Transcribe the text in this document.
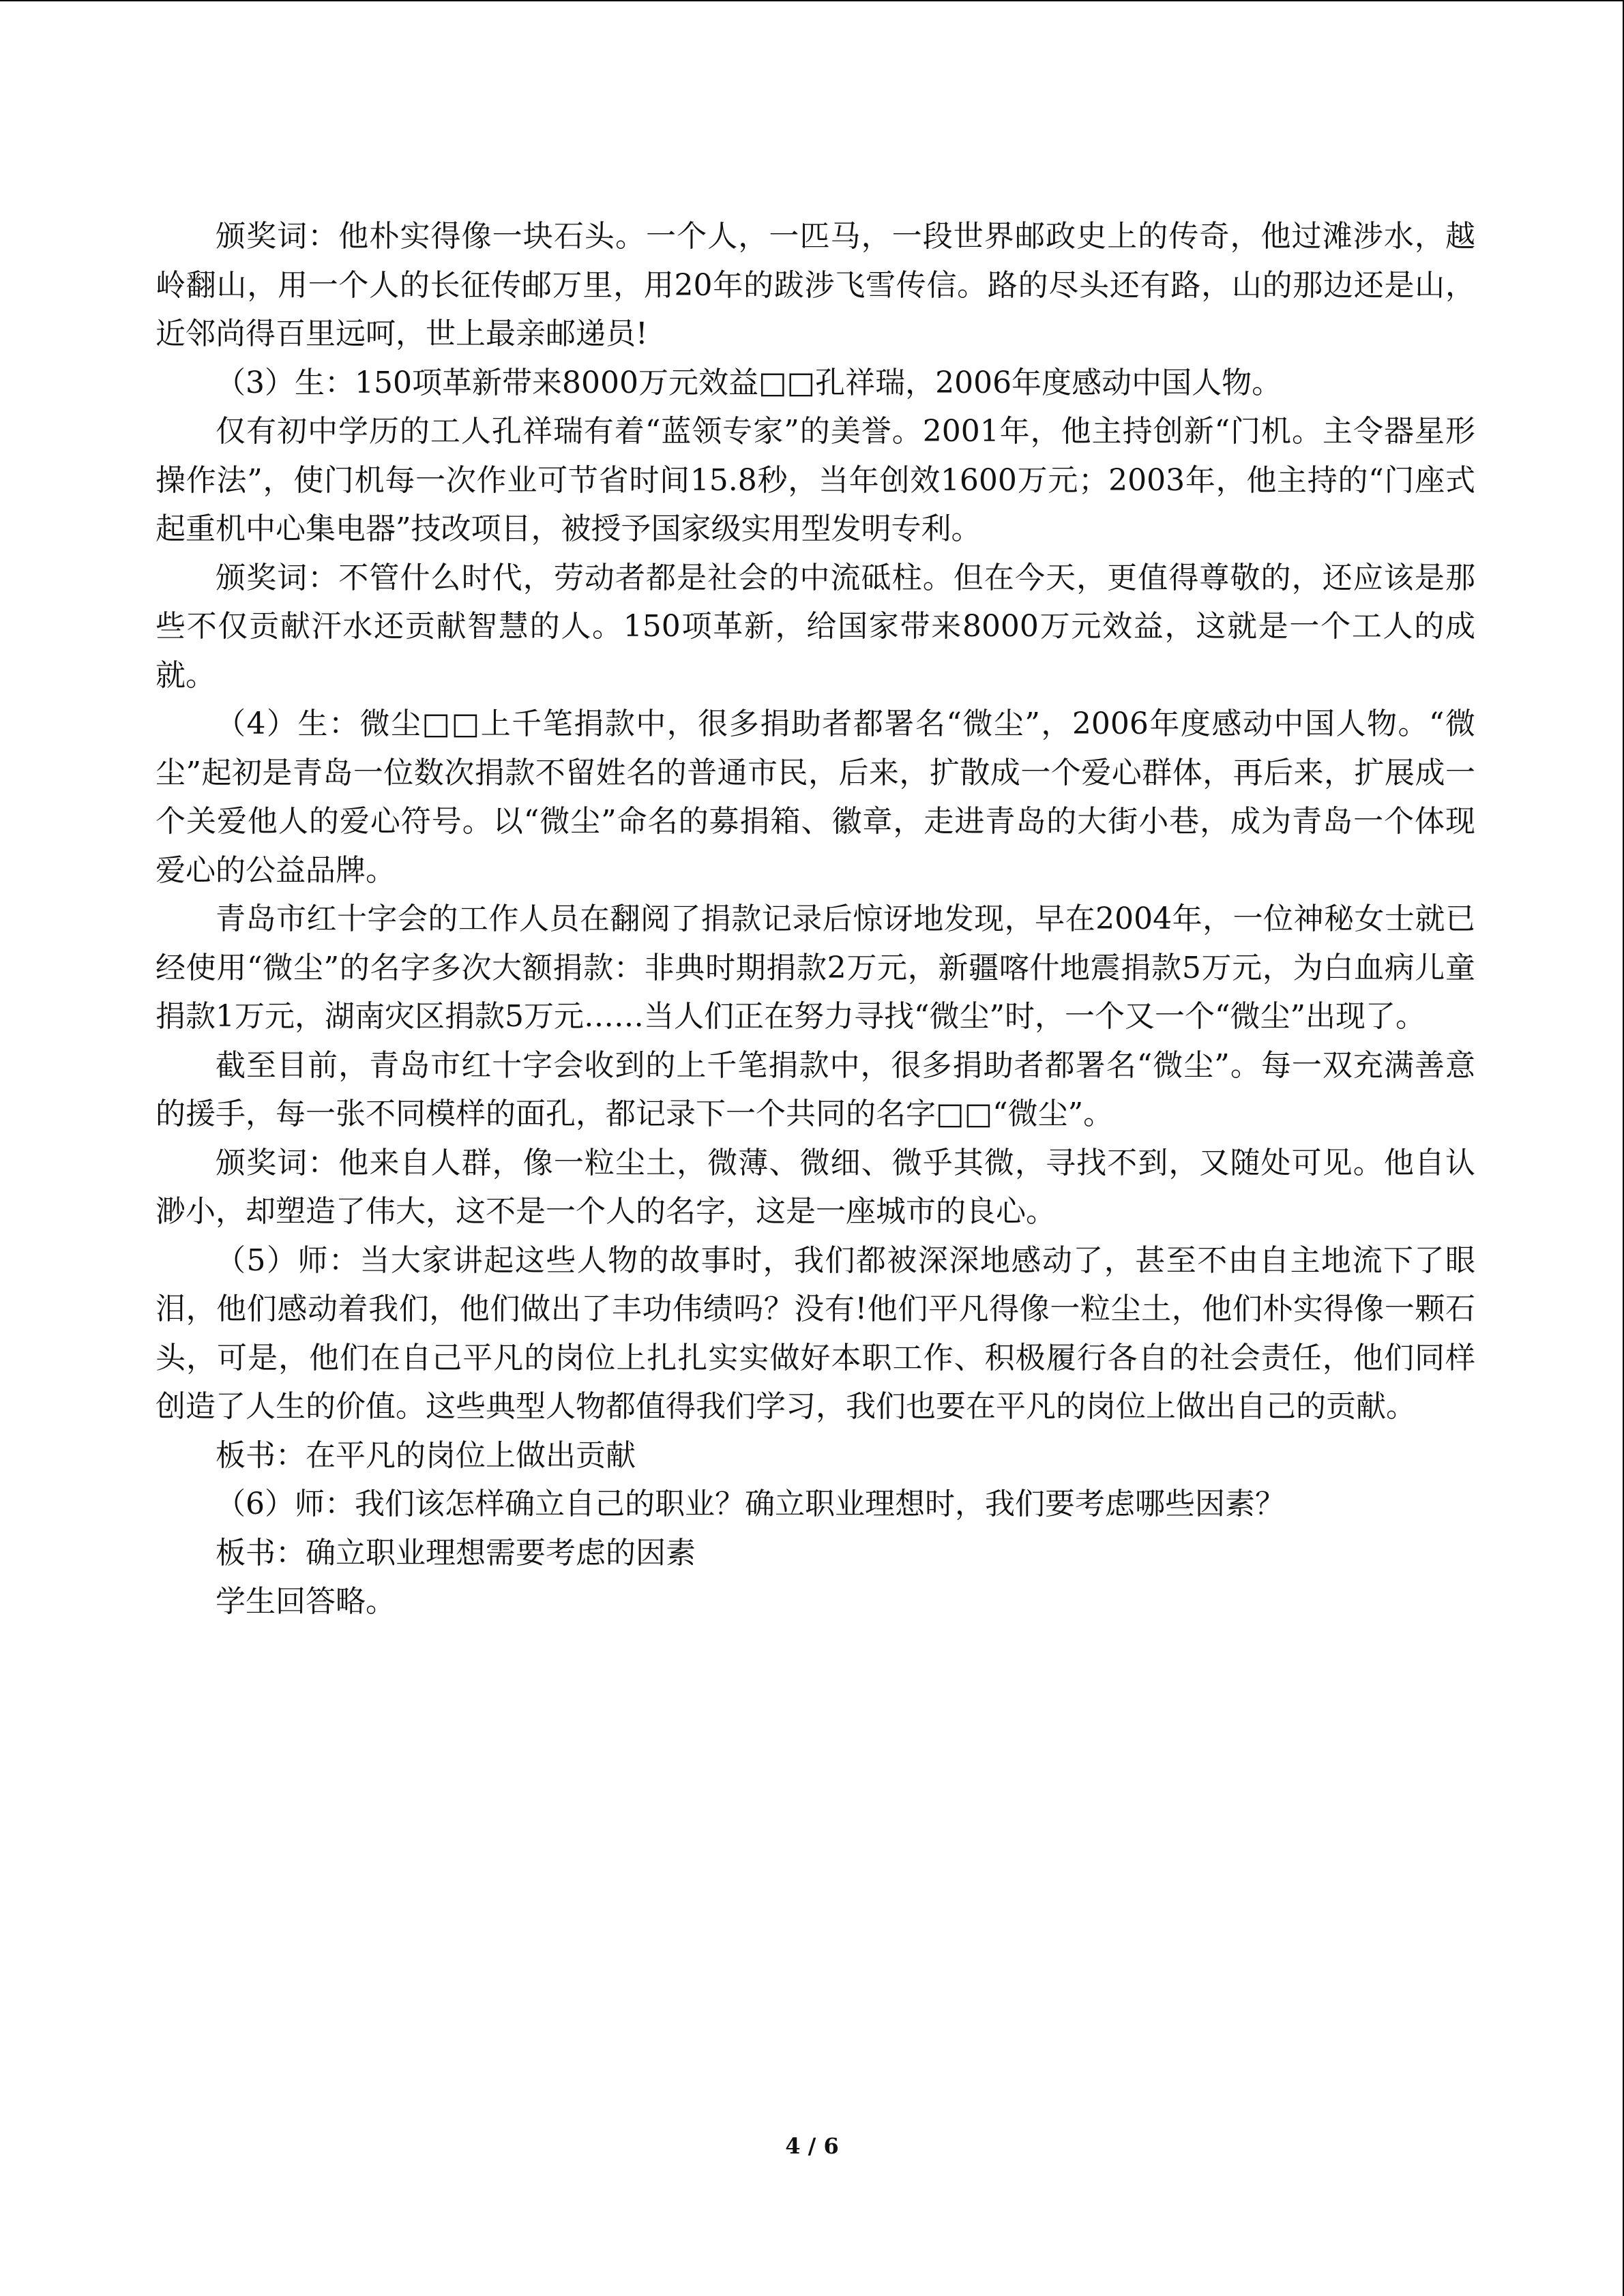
颁奖词：他朴实得像一块石头。一个人，一匹马，一段世界邮政史上的传奇，他过滩涉水，越岭翻山，用一个人的长征传邮万里，用20年的跋涉飞雪传信。路的尽头还有路，山的那边还是山，近邻尚得百里远呵，世上最亲邮递员!

（3）生：150项革新带来8000万元效益□□孔祥瑞，2006年度感动中国人物。

仅有初中学历的工人孔祥瑞有着“蓝领专家”的美誉。2001年，他主持创新“门机。主令器星形操作法”，使门机每一次作业可节省时间15.8秒，当年创效1600万元；2003年，他主持的“门座式起重机中心集电器”技改项目，被授予国家级实用型发明专利。

颁奖词：不管什么时代，劳动者都是社会的中流砥柱。但在今天，更值得尊敬的，还应该是那些不仅贡献汗水还贡献智慧的人。150项革新，给国家带来8000万元效益，这就是一个工人的成就。

（4）生：微尘□□上千笔捐款中，很多捐助者都署名“微尘”，2006年度感动中国人物。“微尘”起初是青岛一位数次捐款不留姓名的普通市民，后来，扩散成一个爱心群体，再后来，扩展成一个关爱他人的爱心符号。以“微尘”命名的募捐箱、徽章，走进青岛的大街小巷，成为青岛一个体现爱心的公益品牌。

青岛市红十字会的工作人员在翻阅了捐款记录后惊讶地发现，早在2004年，一位神秘女士就已经使用“微尘”的名字多次大额捐款：非典时期捐款2万元，新疆喀什地震捐款5万元，为白血病儿童捐款1万元，湖南灾区捐款5万元……当人们正在努力寻找“微尘”时，一个又一个“微尘”出现了。

截至目前，青岛市红十字会收到的上千笔捐款中，很多捐助者都署名“微尘”。每一双充满善意的援手，每一张不同模样的面孔，都记录下一个共同的名字□□“微尘”。

颁奖词：他来自人群，像一粒尘土，微薄、微细、微乎其微，寻找不到，又随处可见。他自认渺小，却塑造了伟大，这不是一个人的名字，这是一座城市的良心。

（5）师：当大家讲起这些人物的故事时，我们都被深深地感动了，甚至不由自主地流下了眼泪，他们感动着我们，他们做出了丰功伟绩吗？没有!他们平凡得像一粒尘土，他们朴实得像一颗石头，可是，他们在自己平凡的岗位上扎扎实实做好本职工作、积极履行各自的社会责任，他们同样创造了人生的价值。这些典型人物都值得我们学习，我们也要在平凡的岗位上做出自己的贡献。

板书：在平凡的岗位上做出贡献

（6）师：我们该怎样确立自己的职业？确立职业理想时，我们要考虑哪些因素？

板书：确立职业理想需要考虑的因素

学生回答略。

4 / 6
